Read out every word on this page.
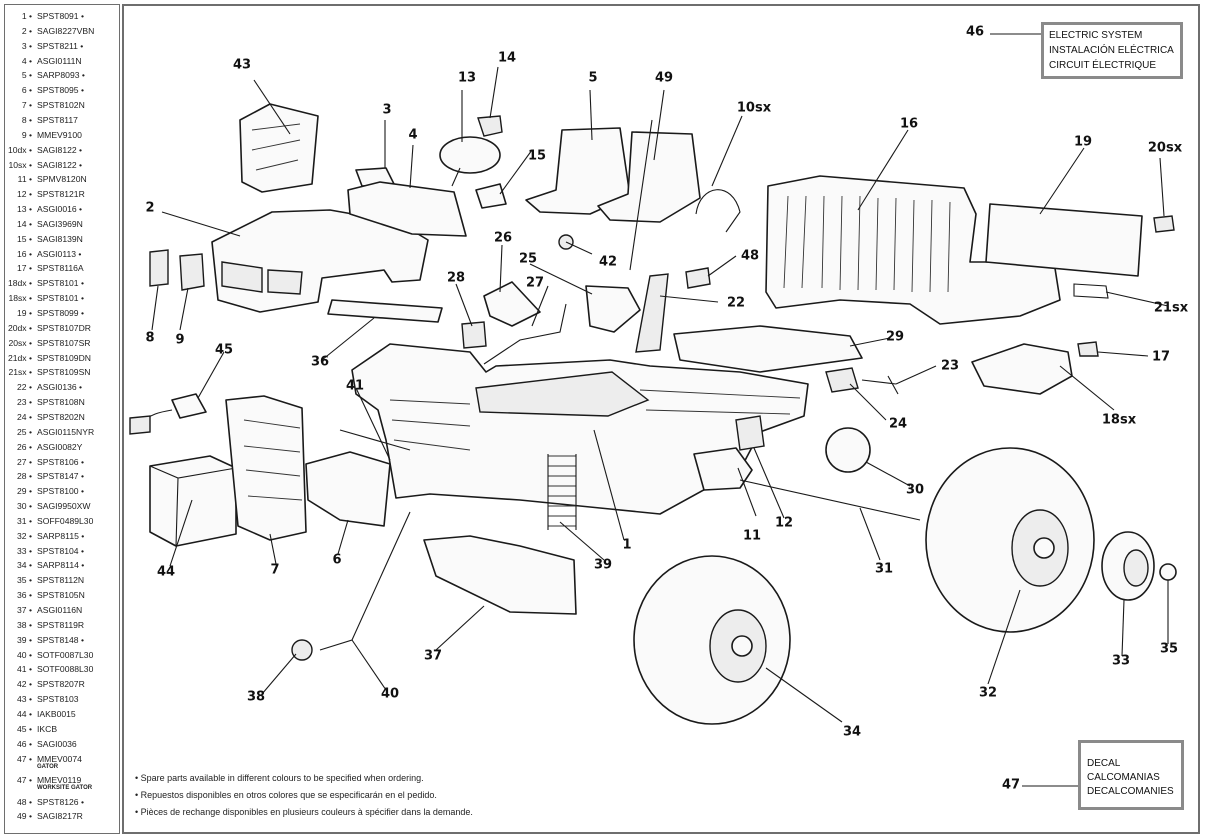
1 • SPST8091 •
2 • SAGI8227VBN
3 • SPST8211 •
4 • ASGI0111N
5 • SARP8093 •
6 • SPST8095 •
7 • SPST8102N
8 • SPST8117
9 • MMEV9100
10dx • SAGI8122 •
10sx • SAGI8122 •
11 • SPMV8120N
12 • SPST8121R
13 • ASGI0016 •
14 • SAGI3969N
15 • SAGI8139N
16 • ASGI0113 •
17 • SPST8116A
18dx • SPST8101 •
18sx • SPST8101 •
19 • SPST8099 •
20dx • SPST8107DR
20sx • SPST8107SR
21dx • SPST8109DN
21sx • SPST8109SN
22 • ASGI0136 •
23 • SPST8108N
24 • SPST8202N
25 • ASGI0115NYR
26 • ASGI0082Y
27 • SPST8106 •
28 • SPST8147 •
29 • SPST8100 •
30 • SAGI9950XW
31 • SOFF0489L30
32 • SARP8115 •
33 • SPST8104 •
34 • SARP8114 •
35 • SPST8112N
36 • SPST8105N
37 • ASGI0116N
38 • SPST8119R
39 • SPST8148 •
40 • SOTF0087L30
41 • SOTF0088L30
42 • SPST8207R
43 • SPST8103
44 • IAKB0015
45 • IKCB
46 • SAGI0036
47 • MMEV0074
GATOR
47 • MMEV0119
WORKSITE GATOR
48 • SPST8126 •
49 • SAGI8217R
1
2
3
4
5
6
7
8 9
10sx
11
12
13
14
15
16
17
18sx
19	20sx
21sx
22
23
24
25
26
27
28
29
30
31
32
33
34
35
36
37
38
39
40
41
42
43
44
45
46
47
48
49
ELECTRIC SYSTEM
INSTALACIÓN ELÉCTRICA
CIRCUIT ÉLECTRIQUE
DECAL
CALCOMANIAS
DECALCOMANIES
• Spare parts available in different colours to be specified when ordering.
• Repuestos disponibles en otros colores que se especificarán en el pedido.
• Pièces de rechange disponibles en plusieurs couleurs à spécifier dans la demande.
